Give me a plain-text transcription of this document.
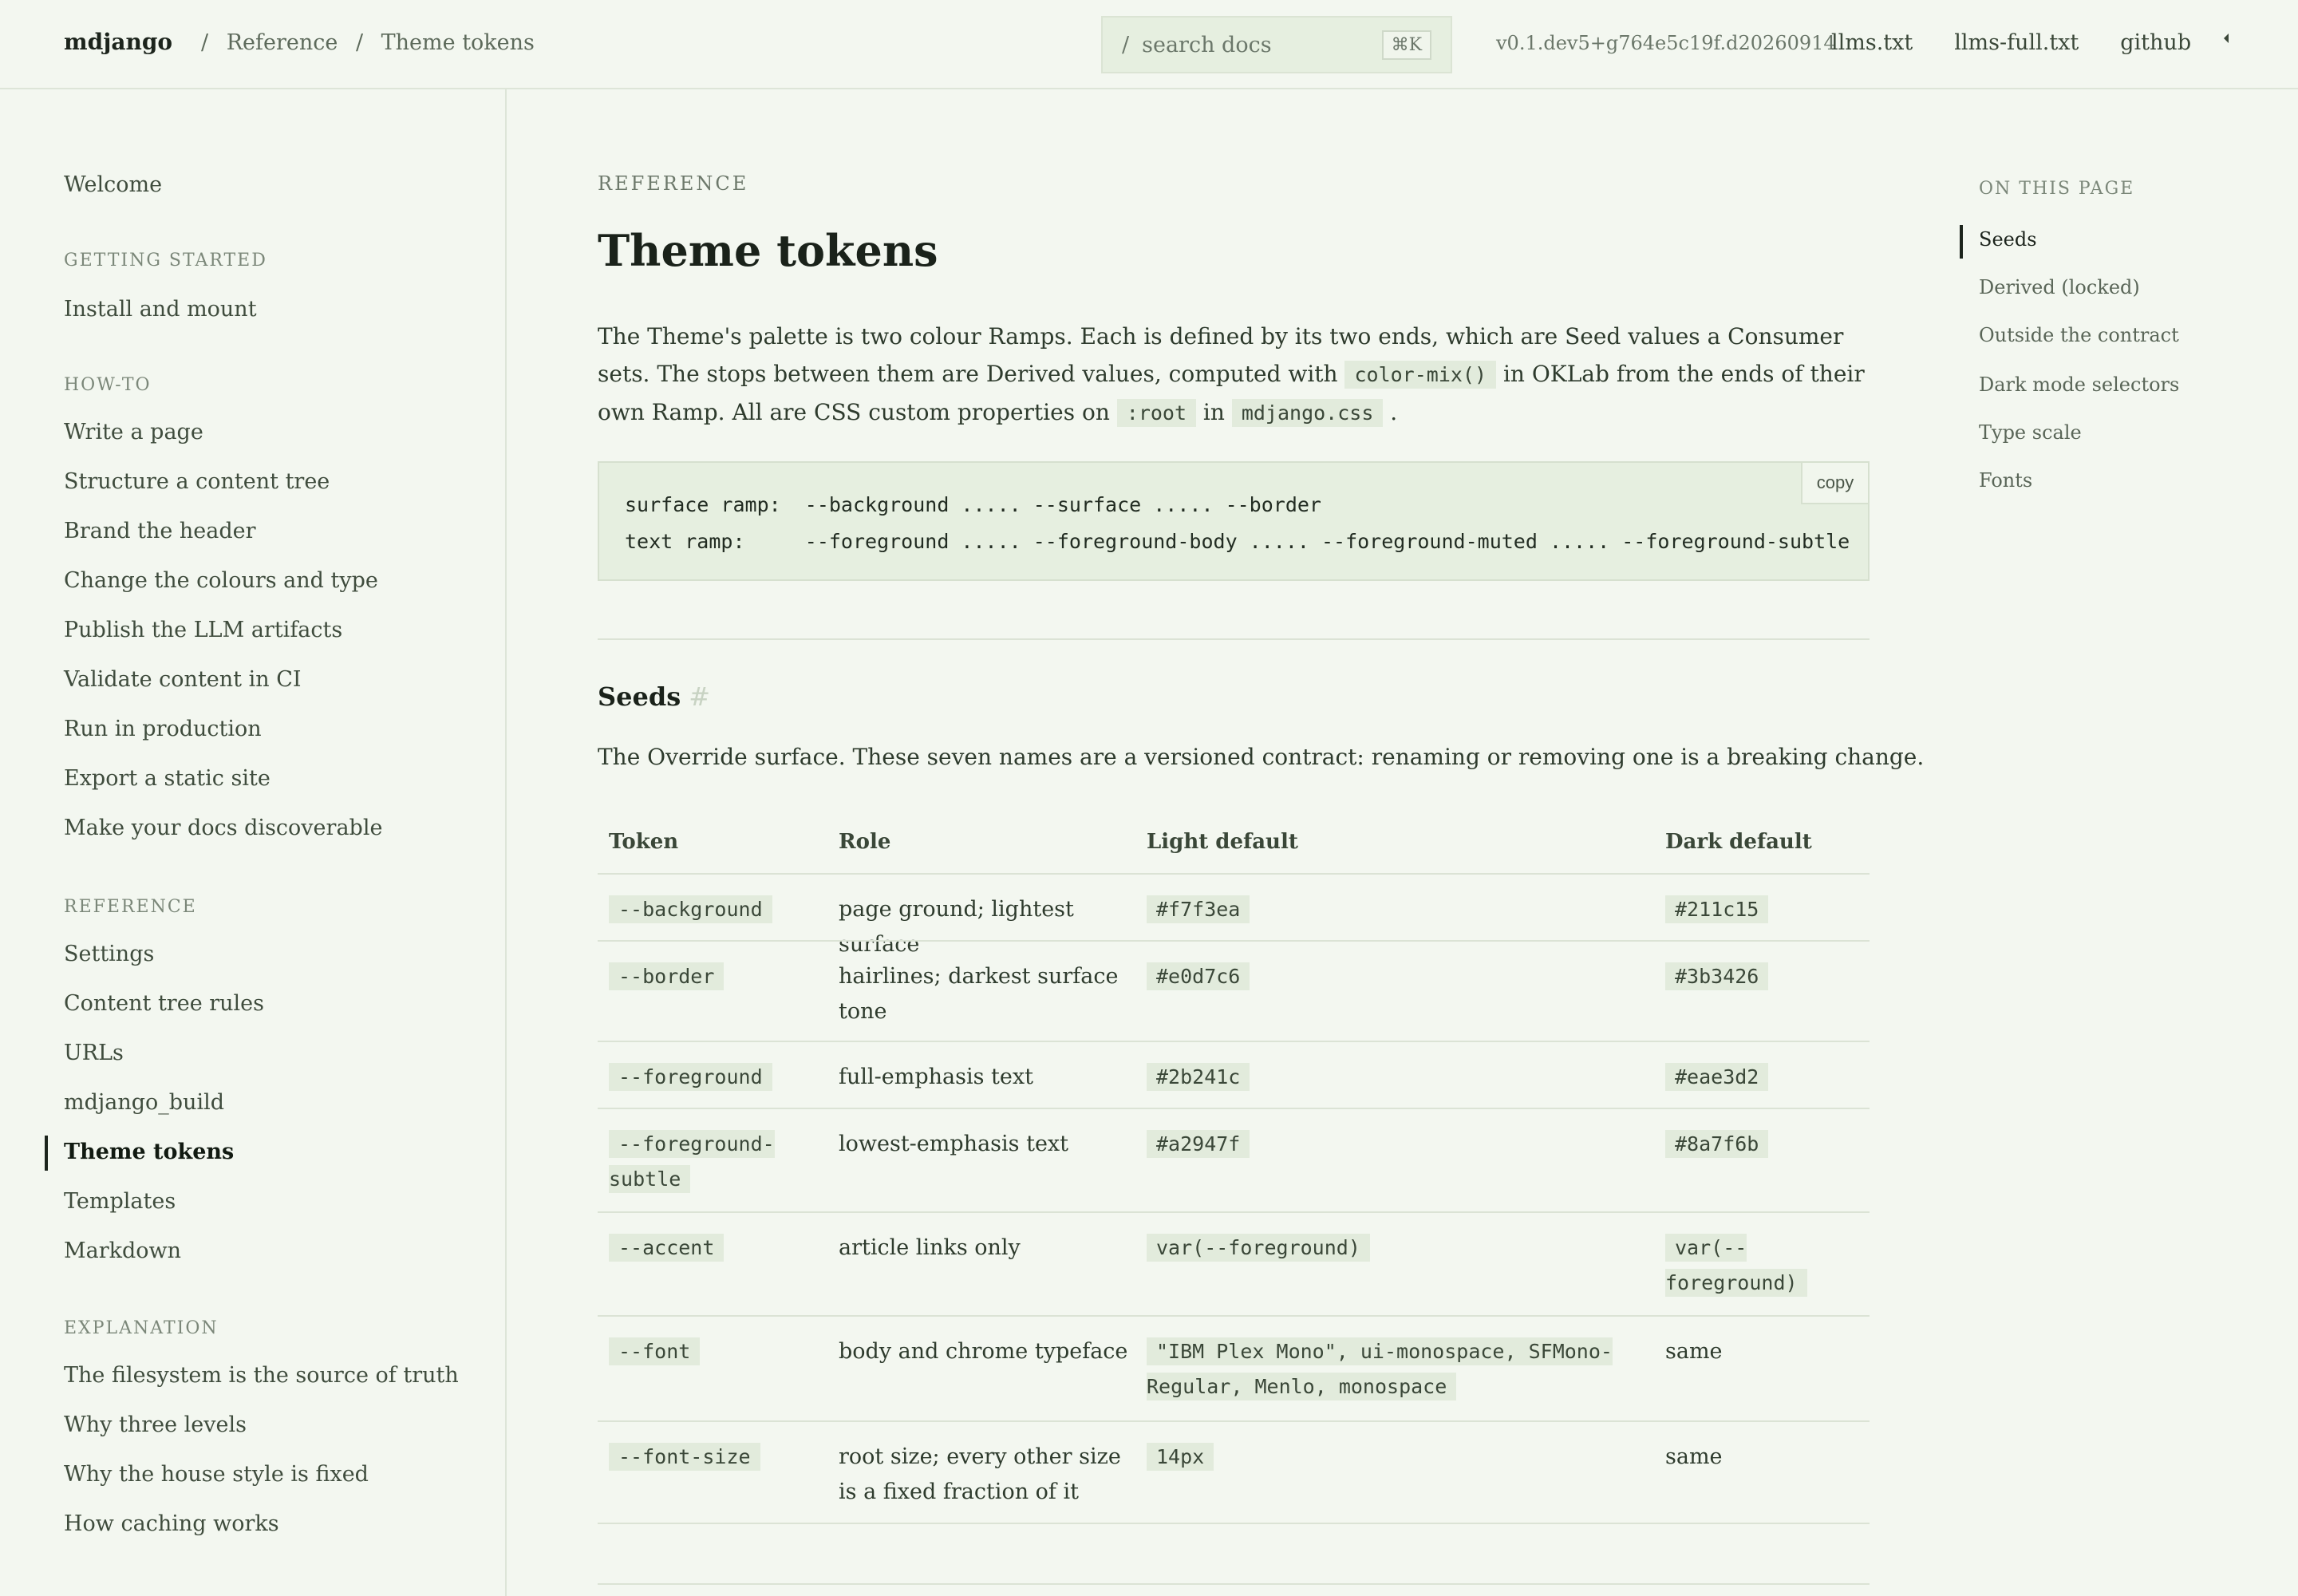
mdjango / Reference / Theme tokens	/ search docs	⌘K	v0.1.dev5+g764e5c19f.d20260914
llms.txt llms-full.txt github
Welcome
GETTING STARTED
Install and mount
HOW-TO
Write a page
Structure a content tree
Brand the header
Change the colours and type
Publish the LLM artifacts
Validate content in CI
Run in production
Export a static site
Make your docs discoverable
REFERENCE
Settings
Content tree rules
URLs
mdjango_build
Theme tokens
Templates
Markdown
EXPLANATION
The filesystem is the source of truth
Why three levels
Why the house style is fixed
How caching works
REFERENCE
Theme tokens
The Theme's palette is two colour Ramps. Each is defined by its two ends, which are Seed values a Consumer sets. The stops between them are Derived values, computed with color-mix() in OKLab from the ends of their own Ramp. All are CSS custom properties on :root in mdjango.css .
surface ramp:  --background ..... --surface ..... --border
text ramp:     --foreground ..... --foreground-body ..... --foreground-muted ..... --foreground-subtle
copy
Seeds #
The Override surface. These seven names are a versioned contract: renaming or removing one is a breaking change.
Token	Role	Light default	Dark default
--background	page ground; lightest surface
#f7f3ea	#211c15
--border	hairlines; darkest surface tone
#e0d7c6	#3b3426
--foreground	full-emphasis text	#2b241c	#eae3d2
--foreground-subtle
lowest-emphasis text	#a2947f	#8a7f6b
--accent	article links only	var(--foreground)	var(--foreground)
--font	body and chrome typeface	"IBM Plex Mono", ui-monospace, SFMono-Regular, Menlo, monospace
same
--font-size	root size; every other size is a fixed fraction of it
14px	same
ON THIS PAGE
Seeds
Derived (locked)
Outside the contract
Dark mode selectors
Type scale
Fonts
